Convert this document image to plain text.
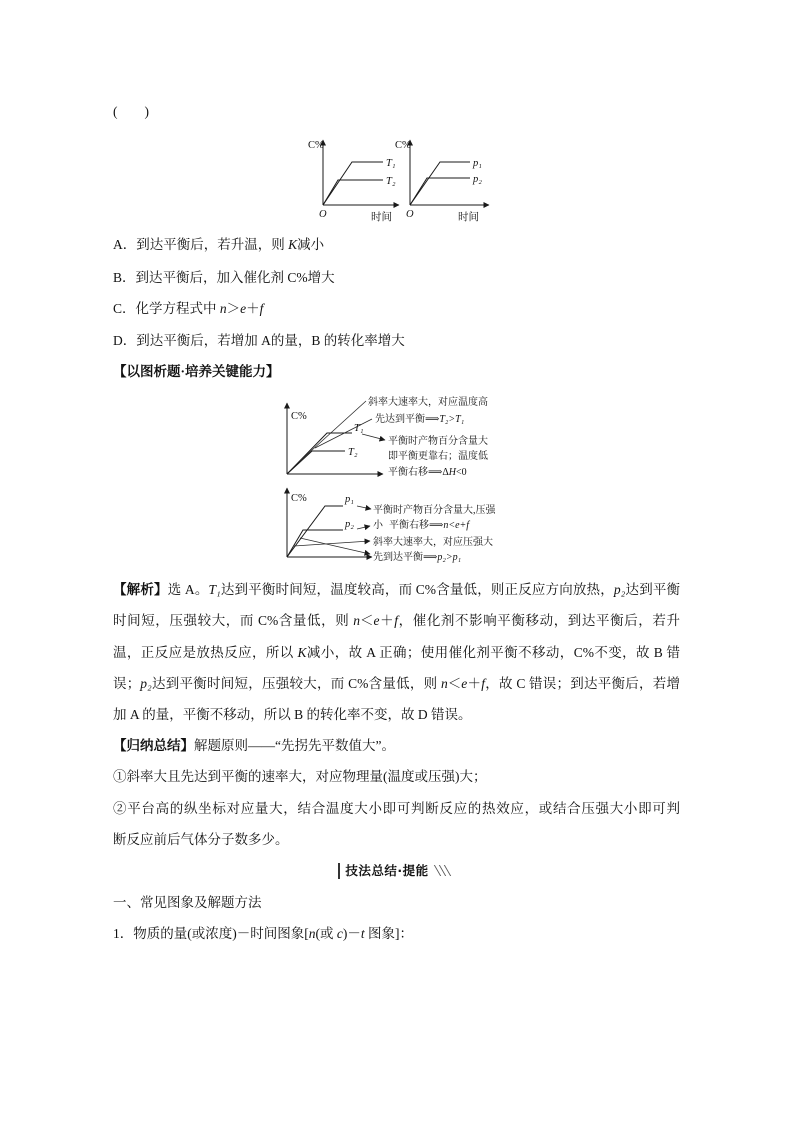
(　　)
C%
O	时间
T₁
T₂
C%
O	时间
p₁
p₂
C%
T₁
T₂
斜率大速率大，对应温度高
先达到平衡⟹T₂>T₁
平衡时产物百分含量大
即平衡更靠右；温度低
平衡右移⟹ΔH<0
C%	p₁
p₂
平衡时产物百分含量大,压强
小 平衡右移⟹n<e+f
斜率大速率大，对应压强大
先到达平衡⟹p₂>p₁
A．到达平衡后，若升温，则 K减小
B．到达平衡后，加入催化剂 C%增大
C．化学方程式中 n＞e＋f
D．到达平衡后，若增加 A的量，B 的转化率增大
【以图析题·培养关键能力】
【解析】选 A。T₁达到平衡时间短，温度较高，而 C%含量低，则正反应方向放热，p₂达到平衡
时间短，压强较大，而 C%含量低，则 n＜e＋f，催化剂不影响平衡移动，到达平衡后，若升
温，正反应是放热反应，所以 K减小，故 A 正确；使用催化剂平衡不移动，C%不变，故 B 错
误；p₂达到平衡时间短，压强较大，而 C%含量低，则 n＜e＋f，故 C 错误；到达平衡后，若增
加 A 的量，平衡不移动，所以 B 的转化率不变，故 D 错误。
【归纳总结】解题原则——“先拐先平数值大”。
①斜率大且先达到平衡的速率大，对应物理量(温度或压强)大；
②平台高的纵坐标对应量大，结合温度大小即可判断反应的热效应，或结合压强大小即可判
断反应前后气体分子数多少。
技法总结·提能
一、常见图象及解题方法
1．物质的量(或浓度)－时间图象[n(或 c)－t 图象]：
